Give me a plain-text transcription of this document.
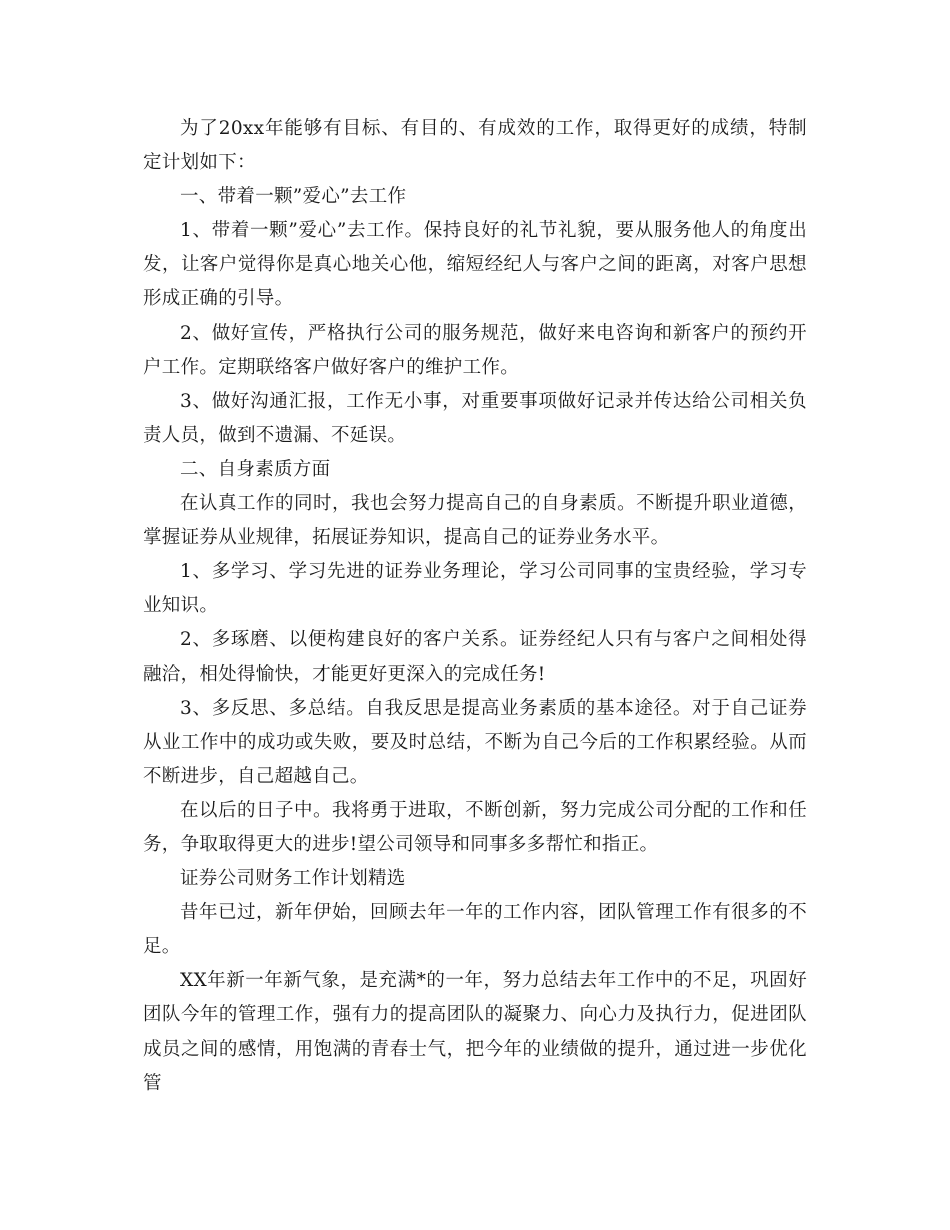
为了20xx年能够有目标、有目的、有成效的工作，取得更好的成绩，特制定计划如下：

一、带着一颗”爱心”去工作

1、带着一颗”爱心”去工作。保持良好的礼节礼貌，要从服务他人的角度出发，让客户觉得你是真心地关心他，缩短经纪人与客户之间的距离，对客户思想形成正确的引导。

2、做好宣传，严格执行公司的服务规范，做好来电咨询和新客户的预约开户工作。定期联络客户做好客户的维护工作。

3、做好沟通汇报，工作无小事，对重要事项做好记录并传达给公司相关负责人员，做到不遗漏、不延误。

二、自身素质方面

在认真工作的同时，我也会努力提高自己的自身素质。不断提升职业道德，掌握证券从业规律，拓展证券知识，提高自己的证券业务水平。

1、多学习、学习先进的证券业务理论，学习公司同事的宝贵经验，学习专业知识。

2、多琢磨、以便构建良好的客户关系。证券经纪人只有与客户之间相处得融洽，相处得愉快，才能更好更深入的完成任务!

3、多反思、多总结。自我反思是提高业务素质的基本途径。对于自己证券从业工作中的成功或失败，要及时总结，不断为自己今后的工作积累经验。从而不断进步，自己超越自己。

在以后的日子中。我将勇于进取，不断创新，努力完成公司分配的工作和任务，争取取得更大的进步!望公司领导和同事多多帮忙和指正。

证券公司财务工作计划精选

昔年已过，新年伊始，回顾去年一年的工作内容，团队管理工作有很多的不足。

XX年新一年新气象，是充满*的一年，努力总结去年工作中的不足，巩固好团队今年的管理工作，强有力的提高团队的凝聚力、向心力及执行力，促进团队成员之间的感情，用饱满的青春士气，把今年的业绩做的提升，通过进一步优化管
